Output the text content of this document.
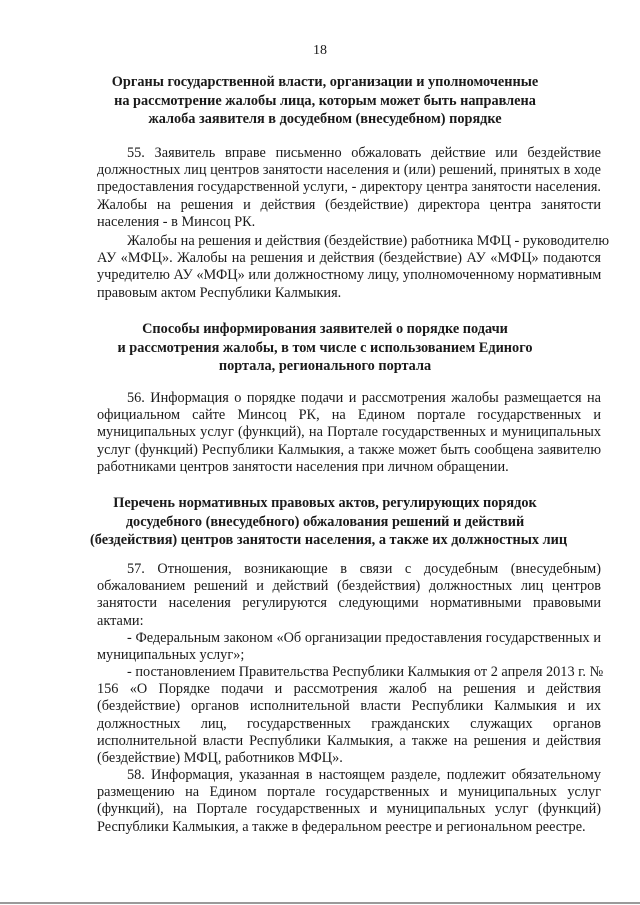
18
Органы государственной власти, организации и уполномоченные
на рассмотрение жалобы лица, которым может быть направлена
жалоба заявителя в досудебном (внесудебном) порядке
55. Заявитель вправе письменно обжаловать действие или бездействие
должностных лиц центров занятости населения и (или) решений, принятых в ходе
предоставления государственной услуги, - директору центра занятости населения.
Жалобы на решения и действия (бездействие) директора центра занятости
населения - в Минсоц РК.
Жалобы на решения и действия (бездействие) работника МФЦ - руководителю
АУ «МФЦ». Жалобы на решения и действия (бездействие) АУ «МФЦ» подаются
учредителю АУ «МФЦ» или должностному лицу, уполномоченному нормативным
правовым актом Республики Калмыкия.
Способы информирования заявителей о порядке подачи
и рассмотрения жалобы, в том числе с использованием Единого
портала, регионального портала
56. Информация о порядке подачи и рассмотрения жалобы размещается на
официальном сайте Минсоц РК, на Едином портале государственных и
муниципальных услуг (функций), на Портале государственных и муниципальных
услуг (функций) Республики Калмыкия, а также может быть сообщена заявителю
работниками центров занятости населения при личном обращении.
Перечень нормативных правовых актов, регулирующих порядок
досудебного (внесудебного) обжалования решений и действий
(бездействия) центров занятости населения, а также их должностных лиц
57. Отношения, возникающие в связи с досудебным (внесудебным)
обжалованием решений и действий (бездействия) должностных лиц центров
занятости населения регулируются следующими нормативными правовыми
актами:
- Федеральным законом «Об организации предоставления государственных и
муниципальных услуг»;
- постановлением Правительства Республики Калмыкия от 2 апреля 2013 г. №
156 «О Порядке подачи и рассмотрения жалоб на решения и действия
(бездействие) органов исполнительной власти Республики Калмыкия и их
должностных лиц, государственных гражданских служащих органов
исполнительной власти Республики Калмыкия, а также на решения и действия
(бездействие) МФЦ, работников МФЦ».
58. Информация, указанная в настоящем разделе, подлежит обязательному
размещению на Едином портале государственных и муниципальных услуг
(функций), на Портале государственных и муниципальных услуг (функций)
Республики Калмыкия, а также в федеральном реестре и региональном реестре.
